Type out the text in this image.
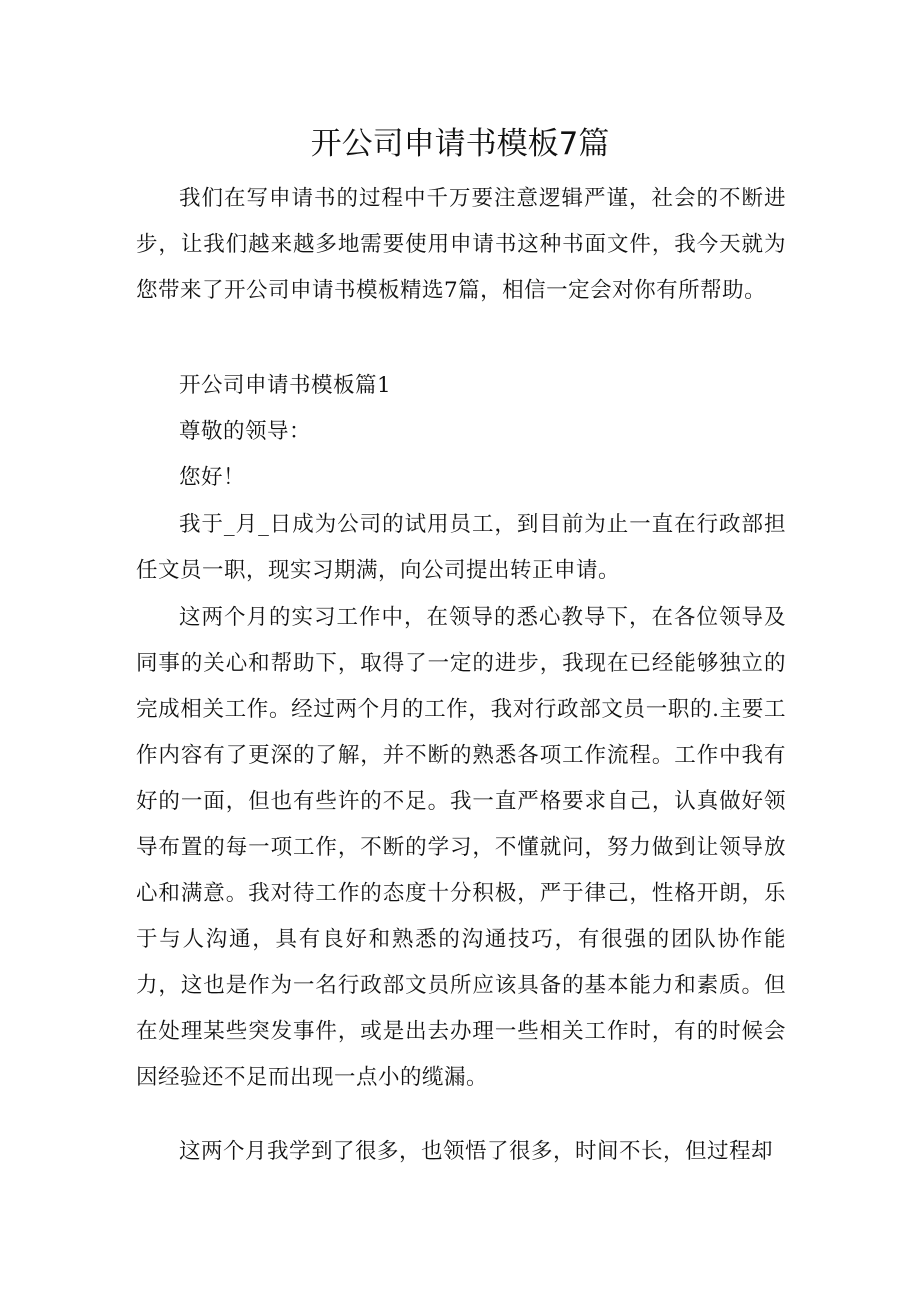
开公司申请书模板7篇

我们在写申请书的过程中千万要注意逻辑严谨，社会的不断进步，让我们越来越多地需要使用申请书这种书面文件，我今天就为您带来了开公司申请书模板精选7篇，相信一定会对你有所帮助。

开公司申请书模板篇1

尊敬的领导：

您好！

我于_月_日成为公司的试用员工，到目前为止一直在行政部担任文员一职，现实习期满，向公司提出转正申请。

这两个月的实习工作中，在领导的悉心教导下，在各位领导及同事的关心和帮助下，取得了一定的进步，我现在已经能够独立的完成相关工作。经过两个月的工作，我对行政部文员一职的.主要工作内容有了更深的了解，并不断的熟悉各项工作流程。工作中我有好的一面，但也有些许的不足。我一直严格要求自己，认真做好领导布置的每一项工作，不断的学习，不懂就问，努力做到让领导放心和满意。我对待工作的态度十分积极，严于律己，性格开朗，乐于与人沟通，具有良好和熟悉的沟通技巧，有很强的团队协作能力，这也是作为一名行政部文员所应该具备的基本能力和素质。但在处理某些突发事件，或是出去办理一些相关工作时，有的时候会因经验还不足而出现一点小的缆漏。

这两个月我学到了很多，也领悟了很多，时间不长，但过程却
